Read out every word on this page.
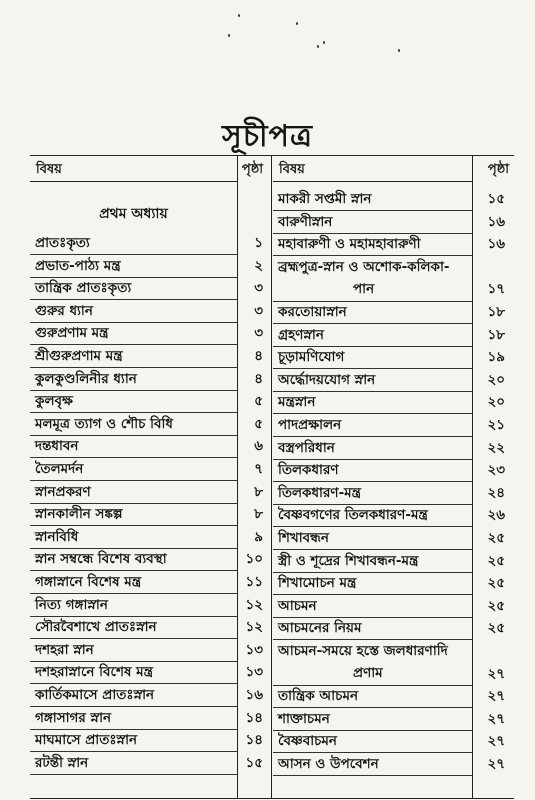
সূচীপত্র
বিষয়	পৃষ্ঠা
প্রথম অধ্যায়
প্রাতঃকৃত্য	১
প্রভাত-পাঠ্য মন্ত্র	২
তান্ত্রিক প্রাতঃকৃত্য	৩
গুরুর ধ্যান	৩
গুরুপ্রণাম মন্ত্র	৩
শ্রীগুরুপ্রণাম মন্ত্র	৪
কুলকুণ্ডলিনীর ধ্যান	৪
কুলবৃক্ষ	৫
মলমূত্র ত্যাগ ও শৌচ বিধি	৫
দন্তধাবন	৬
তৈলমর্দন	৭
স্নানপ্রকরণ	৮
স্নানকালীন সঙ্কল্প	৮
স্নানবিধি	৯
স্নান সম্বন্ধে বিশেষ ব্যবস্থা	১০
গঙ্গাস্নানে বিশেষ মন্ত্র	১১
নিত্য গঙ্গাস্নান	১২
সৌরবৈশাখে প্রাতঃস্নান	১২
দশহরা স্নান	১৩
দশহরাস্নানে বিশেষ মন্ত্র	১৩
কার্তিকমাসে প্রাতঃস্নান	১৬
গঙ্গাসাগর স্নান	১৪
মাঘমাসে প্রাতঃস্নান	১৪
রটন্তী স্নান	১৫
বিষয়	পৃষ্ঠা
মাকরী সপ্তমী স্নান	১৫
বারুণীস্নান	১৬
মহাবারুণী ও মহামহাবারুণী	১৬
ব্রহ্মপুত্র-স্নান ও অশোক-কলিকা-
পান	১৭
করতোয়াস্নান	১৮
গ্রহণস্নান	১৮
চূড়ামণিযোগ	১৯
অর্দ্ধোদয়যোগ স্নান	২০
মন্ত্রস্নান	২০
পাদপ্রক্ষালন	২১
বস্ত্রপরিধান	২২
তিলকধারণ	২৩
তিলকধারণ-মন্ত্র	২৪
বৈষ্ণবগণের তিলকধারণ-মন্ত্র	২৬
শিখাবন্ধন	২৫
স্ত্রী ও শূদ্রের শিখাবন্ধন-মন্ত্র	২৫
শিখামোচন মন্ত্র	২৫
আচমন	২৫
আচমনের নিয়ম	২৫
আচমন-সময়ে হস্তে জলধারণাদি
প্রণাম	২৭
তান্ত্রিক আচমন	২৭
শাক্তাচমন	২৭
বৈষ্ণবাচমন	২৭
আসন ও উপবেশন	২৭
